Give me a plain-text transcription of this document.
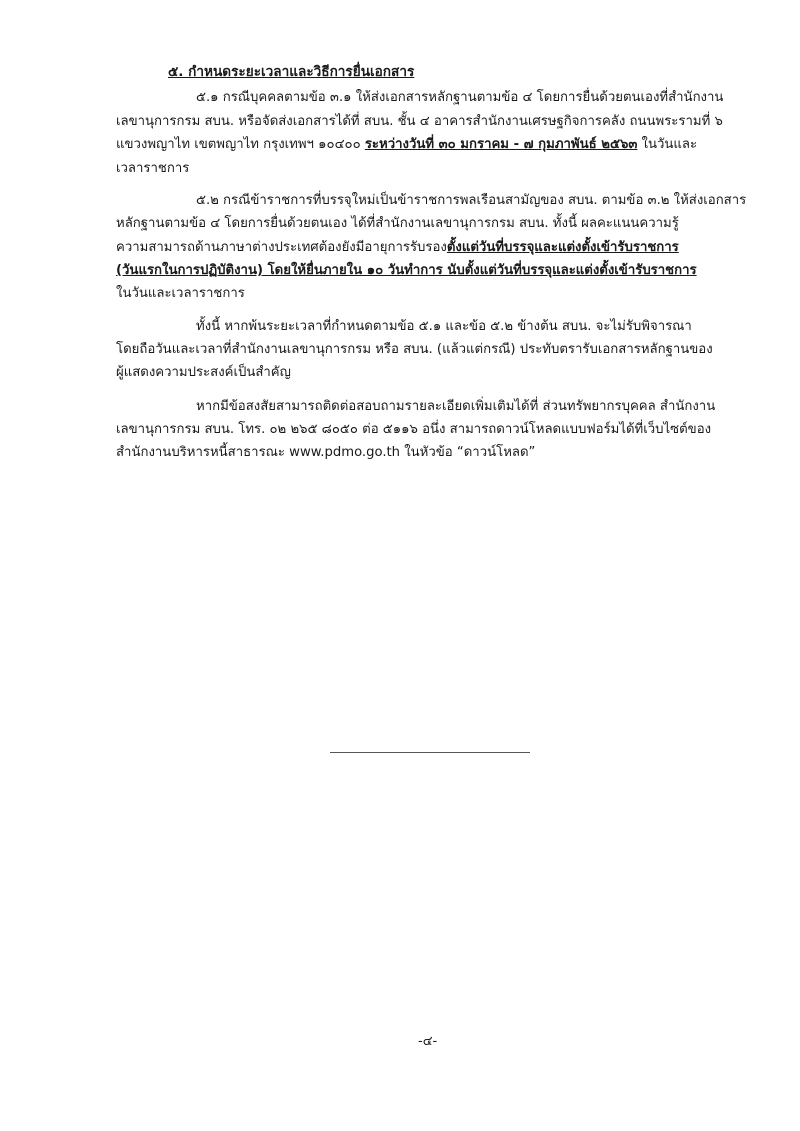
๕. กำหนดระยะเวลาและวิธีการยื่นเอกสาร
๕.๑ กรณีบุคคลตามข้อ ๓.๑ ให้ส่งเอกสารหลักฐานตามข้อ ๔ โดยการยื่นด้วยตนเองที่สำนักงาน
เลขานุการกรม สบน. หรือจัดส่งเอกสารได้ที่ สบน. ชั้น ๔ อาคารสำนักงานเศรษฐกิจการคลัง ถนนพระรามที่ ๖
แขวงพญาไท เขตพญาไท กรุงเทพฯ ๑๐๔๐๐ ระหว่างวันที่ ๓๐ มกราคม - ๗ กุมภาพันธ์ ๒๕๖๓ ในวันและ
เวลาราชการ
๕.๒ กรณีข้าราชการที่บรรจุใหม่เป็นข้าราชการพลเรือนสามัญของ สบน. ตามข้อ ๓.๒ ให้ส่งเอกสาร
หลักฐานตามข้อ ๔ โดยการยื่นด้วยตนเอง ได้ที่สำนักงานเลขานุการกรม สบน. ทั้งนี้ ผลคะแนนความรู้
ความสามารถด้านภาษาต่างประเทศต้องยังมีอายุการรับรองตั้งแต่วันที่บรรจุและแต่งตั้งเข้ารับราชการ
(วันแรกในการปฏิบัติงาน) โดยให้ยื่นภายใน ๑๐ วันทำการ นับตั้งแต่วันที่บรรจุและแต่งตั้งเข้ารับราชการ
ในวันและเวลาราชการ
ทั้งนี้ หากพ้นระยะเวลาที่กำหนดตามข้อ ๕.๑ และข้อ ๕.๒ ข้างต้น สบน. จะไม่รับพิจารณา
โดยถือวันและเวลาที่สำนักงานเลขานุการกรม หรือ สบน. (แล้วแต่กรณี) ประทับตรารับเอกสารหลักฐานของ
ผู้แสดงความประสงค์เป็นสำคัญ
หากมีข้อสงสัยสามารถติดต่อสอบถามรายละเอียดเพิ่มเติมได้ที่ ส่วนทรัพยากรบุคคล สำนักงาน
เลขานุการกรม สบน. โทร. ๐๒ ๒๖๕ ๘๐๕๐ ต่อ ๕๑๑๖ อนึ่ง สามารถดาวน์โหลดแบบฟอร์มได้ที่เว็บไซต์ของ
สำนักงานบริหารหนี้สาธารณะ www.pdmo.go.th ในหัวข้อ “ดาวน์โหลด”
-๔-
